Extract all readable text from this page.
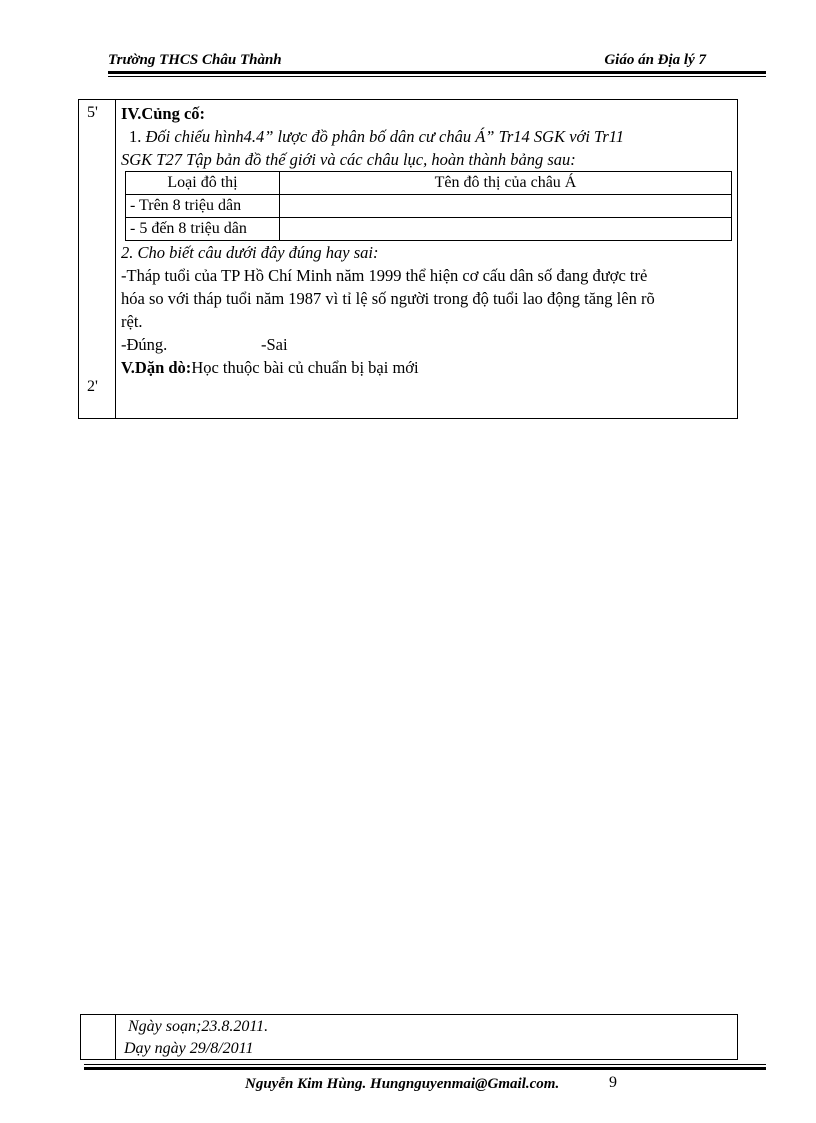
Trường THCS Châu Thành	Giáo án Địa lý 7
5'
2'
IV.Củng cố:
1. Đối chiếu hình4.4” lược đồ phân bố dân cư châu Á” Tr14 SGK với Tr11
SGK T27 Tập bản đồ thế giới và các châu lục, hoàn thành bảng sau:
Loại đô thị	Tên đô thị của châu Á
- Trên 8 triệu dân	
- 5 đến 8 triệu dân	
2. Cho biết câu dưới đây đúng hay sai:
-Tháp tuổi của TP Hồ Chí Minh năm 1999 thể hiện cơ cấu dân số đang được trẻ
hóa so với tháp tuổi năm 1987 vì tỉ lệ số người trong độ tuổi lao động tăng lên rõ
rệt.
-Đúng.	-Sai
V.Dặn dò:Học thuộc bài củ chuẩn bị bại mới
Ngày soạn;23.8.2011.
Dạy ngày 29/8/2011
Nguyễn Kim Hùng. Hungnguyenmai@Gmail.com.	9
